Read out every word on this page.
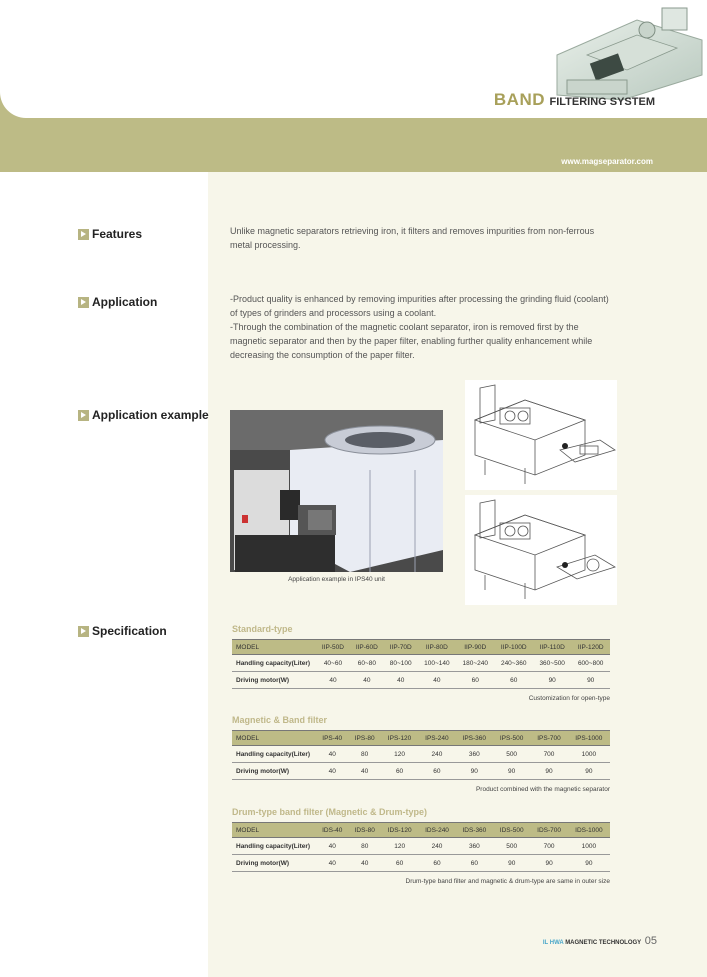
BAND FILTERING SYSTEM
www.magseparator.com
Features	Unlike magnetic separators retrieving iron, it filters and removes impurities from non-ferrous metal processing.
Application	-Product quality is enhanced by removing impurities after processing the grinding fluid (coolant) of types of grinders and processors using a coolant.
-Through the combination of the magnetic coolant separator, iron is removed first by the magnetic separator and then by the paper filter, enabling further quality enhancement while decreasing the consumption of the paper filter.
Application example
Application example in IPS40 unit
Specification	Standard-type
MODEL	IIP-50D	IIP-60D	IIP-70D	IIP-80D	IIP-90D	IIP-100D	IIP-110D	IIP-120D
Handling capacity(Liter)	40~60	60~80	80~100	100~140	180~240	240~360	360~500	600~800
Driving motor(W)	40	40	40	40	60	60	90	90
Customization for open-type
Magnetic & Band filter
MODEL	IPS-40	IPS-80	IPS-120	IPS-240	IPS-360	IPS-500	IPS-700	IPS-1000
Handling capacity(Liter)	40	80	120	240	360	500	700	1000
Driving motor(W)	40	40	60	60	90	90	90	90
Product combined with the magnetic separator
Drum-type band filter (Magnetic & Drum-type)
MODEL	IDS-40	IDS-80	IDS-120	IDS-240	IDS-360	IDS-500	IDS-700	IDS-1000
Handling capacity(Liter)	40	80	120	240	360	500	700	1000
Driving motor(W)	40	40	60	60	60	90	90	90
Drum-type band filter and magnetic & drum-type are same in outer size
IL HWA MAGNETIC TECHNOLOGY 05
